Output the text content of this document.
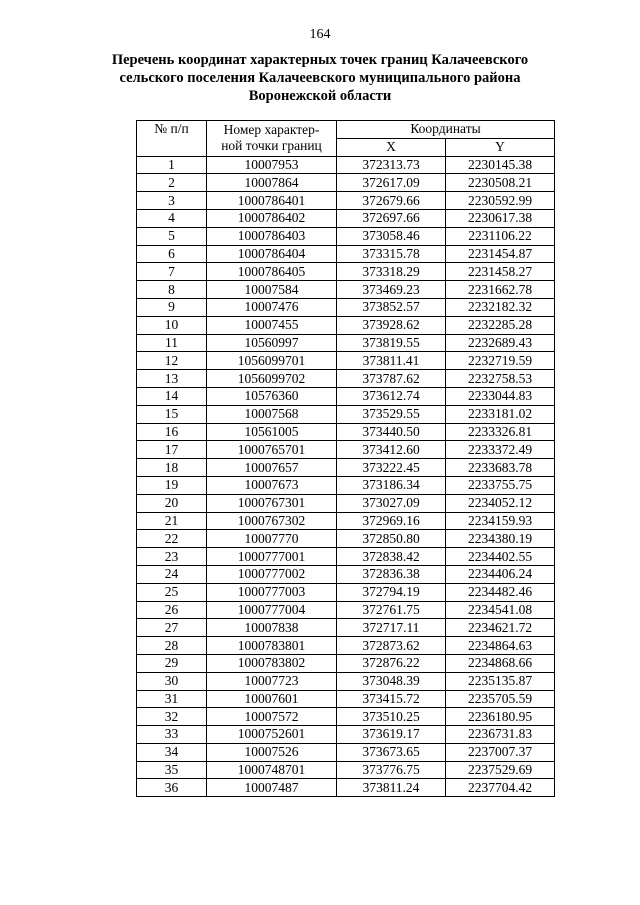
164
Перечень координат характерных точек границ Калачеевского
сельского поселения Калачеевского муниципального района
Воронежской области
№ п/п	Номер характер-
ной точки границ	Координаты	
		X	Y
1	10007953	372313.73	2230145.38
2	10007864	372617.09	2230508.21
3	1000786401	372679.66	2230592.99
4	1000786402	372697.66	2230617.38
5	1000786403	373058.46	2231106.22
6	1000786404	373315.78	2231454.87
7	1000786405	373318.29	2231458.27
8	10007584	373469.23	2231662.78
9	10007476	373852.57	2232182.32
10	10007455	373928.62	2232285.28
11	10560997	373819.55	2232689.43
12	1056099701	373811.41	2232719.59
13	1056099702	373787.62	2232758.53
14	10576360	373612.74	2233044.83
15	10007568	373529.55	2233181.02
16	10561005	373440.50	2233326.81
17	1000765701	373412.60	2233372.49
18	10007657	373222.45	2233683.78
19	10007673	373186.34	2233755.75
20	1000767301	373027.09	2234052.12
21	1000767302	372969.16	2234159.93
22	10007770	372850.80	2234380.19
23	1000777001	372838.42	2234402.55
24	1000777002	372836.38	2234406.24
25	1000777003	372794.19	2234482.46
26	1000777004	372761.75	2234541.08
27	10007838	372717.11	2234621.72
28	1000783801	372873.62	2234864.63
29	1000783802	372876.22	2234868.66
30	10007723	373048.39	2235135.87
31	10007601	373415.72	2235705.59
32	10007572	373510.25	2236180.95
33	1000752601	373619.17	2236731.83
34	10007526	373673.65	2237007.37
35	1000748701	373776.75	2237529.69
36	10007487	373811.24	2237704.42
